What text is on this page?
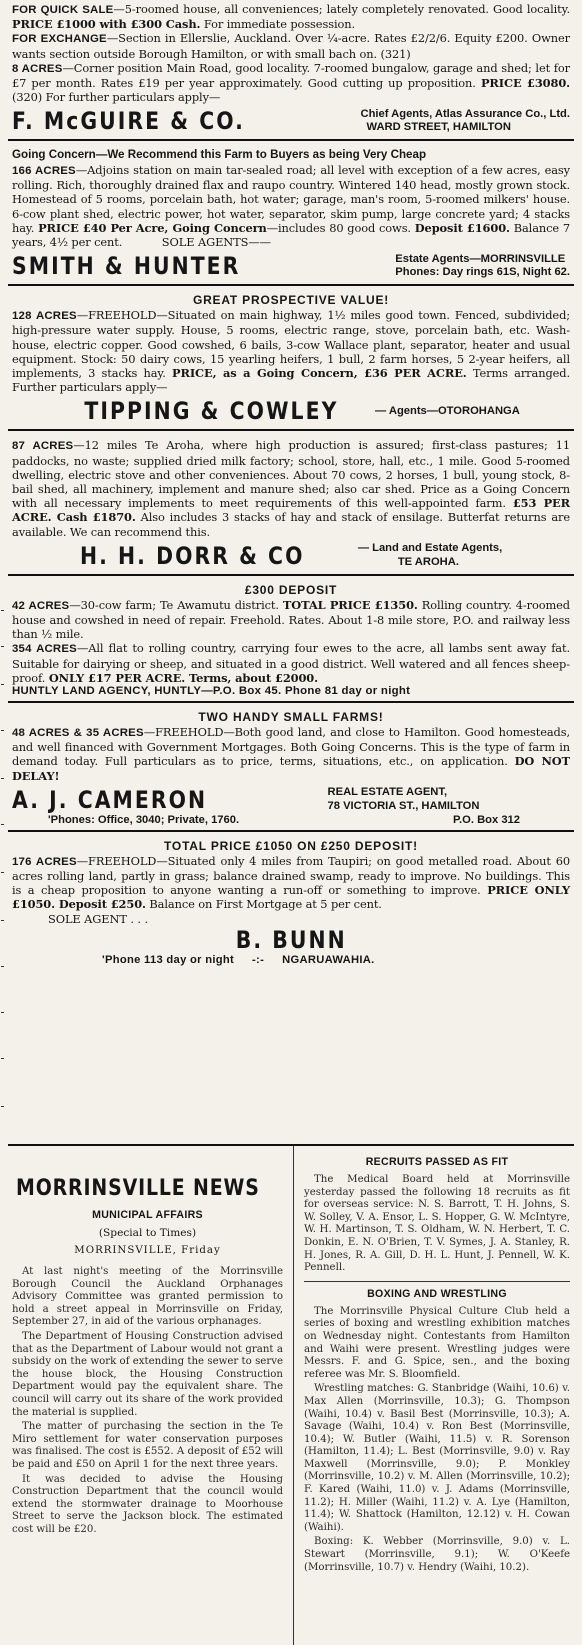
FOR QUICK SALE—5-roomed house, all conveniences; lately completely renovated. Good locality. PRICE £1000 with £300 Cash. For immediate possession.

FOR EXCHANGE—Section in Ellerslie, Auckland. Over ¼-acre. Rates £2/2/6. Equity £200. Owner wants section outside Borough Hamilton, or with small bach on. (321)

8 ACRES—Corner position Main Road, good locality. 7-roomed bungalow, garage and shed; let for £7 per month. Rates £19 per year approximately. Good cutting up proposition. PRICE £3080. (320) For further particulars apply—

F. McGUIRE & CO.	Chief Agents, Atlas Assurance Co., Ltd.
WARD STREET, HAMILTON
Going Concern—We Recommend this Farm to Buyers as being Very Cheap

166 ACRES—Adjoins station on main tar-sealed road; all level with exception of a few acres, easy rolling. Rich, thoroughly drained flax and raupo country. Wintered 140 head, mostly grown stock. Homestead of 5 rooms, porcelain bath, hot water; garage, man's room, 5-roomed milkers' house. 6-cow plant shed, electric power, hot water, separator, skim pump, large concrete yard; 4 stacks hay. PRICE £40 Per Acre, Going Concern—includes 80 good cows. Deposit £1600. Balance 7 years, 4½ per cent.	SOLE AGENTS——

SMITH & HUNTER	Estate Agents—MORRINSVILLE
Phones: Day rings 61S, Night 62.
GREAT PROSPECTIVE VALUE!

128 ACRES—FREEHOLD—Situated on main highway, 1½ miles good town. Fenced, subdivided; high-pressure water supply. House, 5 rooms, electric range, stove, porcelain bath, etc. Wash-house, electric copper. Good cowshed, 6 bails, 3-cow Wallace plant, separator, heater and usual equipment. Stock: 50 dairy cows, 15 yearling heifers, 1 bull, 2 farm horses, 5 2-year heifers, all implements, 3 stacks hay. PRICE, as a Going Concern, £36 PER ACRE. Terms arranged. Further particulars apply—

TIPPING & COWLEY	— Agents—OTOROHANGA

87 ACRES—12 miles Te Aroha, where high production is assured; first-class pastures; 11 paddocks, no waste; supplied dried milk factory; school, store, hall, etc., 1 mile. Good 5-roomed dwelling, electric stove and other conveniences. About 70 cows, 2 horses, 1 bull, young stock, 8-bail shed, all machinery, implement and manure shed; also car shed. Price as a Going Concern with all necessary implements to meet requirements of this well-appointed farm. £53 PER ACRE. Cash £1870. Also includes 3 stacks of hay and stack of ensilage. Butterfat returns are available. We can recommend this.

H. H. DORR & CO	— Land and Estate Agents,
TE AROHA.
£300 DEPOSIT

42 ACRES—30-cow farm; Te Awamutu district. TOTAL PRICE £1350. Rolling country. 4-roomed house and cowshed in need of repair. Freehold. Rates. About 1-8 mile store, P.O. and railway less than ½ mile.

354 ACRES—All flat to rolling country, carrying four ewes to the acre, all lambs sent away fat. Suitable for dairying or sheep, and situated in a good district. Well watered and all fences sheep-proof. ONLY £17 PER ACRE. Terms, about £2000.

HUNTLY LAND AGENCY, HUNTLY—P.O. Box 45. Phone 81 day or night
TWO HANDY SMALL FARMS!

48 ACRES & 35 ACRES—FREEHOLD—Both good land, and close to Hamilton. Good homesteads, and well financed with Government Mortgages. Both Going Concerns. This is the type of farm in demand today. Full particulars as to price, terms, situations, etc., on application. DO NOT DELAY!

A. J. CAMERON	REAL ESTATE AGENT,
78 VICTORIA ST., HAMILTON
'Phones: Office, 3040; Private, 1760.	P.O. Box 312
TOTAL PRICE £1050 ON £250 DEPOSIT!

176 ACRES—FREEHOLD—Situated only 4 miles from Taupiri; on good metalled road. About 60 acres rolling land, partly in grass; balance drained swamp, ready to improve. No buildings. This is a cheap proposition to anyone wanting a run-off or something to improve. PRICE ONLY £1050. Deposit £250. Balance on First Mortgage at 5 per cent.

SOLE AGENT . . .

B. BUNN
'Phone 113 day or night -:- NGARUAWAHIA.
MORRINSVILLE NEWS
MUNICIPAL AFFAIRS
(Special to Times)
MORRINSVILLE, Friday

At last night's meeting of the Morrinsville Borough Council the Auckland Orphanages Advisory Committee was granted permission to hold a street appeal in Morrinsville on Friday, September 27, in aid of the various orphanages.

The Department of Housing Construction advised that as the Department of Labour would not grant a subsidy on the work of extending the sewer to serve the house block, the Housing Construction Department would pay the equivalent share. The council will carry out its share of the work provided the material is supplied.

The matter of purchasing the section in the Te Miro settlement for water conservation purposes was finalised. The cost is £552. A deposit of £52 will be paid and £50 on April 1 for the next three years.

It was decided to advise the Housing Construction Department that the council would extend the stormwater drainage to Moorhouse Street to serve the Jackson block. The estimated cost will be £20.

RECRUITS PASSED AS FIT

The Medical Board held at Morrinsville yesterday passed the following 18 recruits as fit for overseas service: N. S. Barrott, T. H. Johns, S. W. Solley, V. A. Ensor, L. S. Hopper, G. W. McIntyre, W. H. Martinson, T. S. Oldham, W. N. Herbert, T. C. Donkin, E. N. O'Brien, T. V. Symes, J. A. Stanley, R. H. Jones, R. A. Gill, D. H. L. Hunt, J. Pennell, W. K. Pennell.

BOXING AND WRESTLING

The Morrinsville Physical Culture Club held a series of boxing and wrestling exhibition matches on Wednesday night. Contestants from Hamilton and Waihi were present. Wrestling judges were Messrs. F. and G. Spice, sen., and the boxing referee was Mr. S. Bloomfield.

Wrestling matches: G. Stanbridge (Waihi, 10.6) v. Max Allen (Morrinsville, 10.3); G. Thompson (Waihi, 10.4) v. Basil Best (Morrinsville, 10.3); A. Savage (Waihi, 10.4) v. Ron Best (Morrinsville, 10.4); W. Butler (Waihi, 11.5) v. R. Sorenson (Hamilton, 11.4); L. Best (Morrinsville, 9.0) v. Ray Maxwell (Morrinsville, 9.0); P. Monkley (Morrinsville, 10.2) v. M. Allen (Morrinsville, 10.2); F. Kared (Waihi, 11.0) v. J. Adams (Morrinsville, 11.2); H. Miller (Waihi, 11.2) v. A. Lye (Hamilton, 11.4); W. Shattock (Hamilton, 12.12) v. H. Cowan (Waihi).

Boxing: K. Webber (Morrinsville, 9.0) v. L. Stewart (Morrinsville, 9.1); W. O'Keefe (Morrinsville, 10.7) v. Hendry (Waihi, 10.2).
